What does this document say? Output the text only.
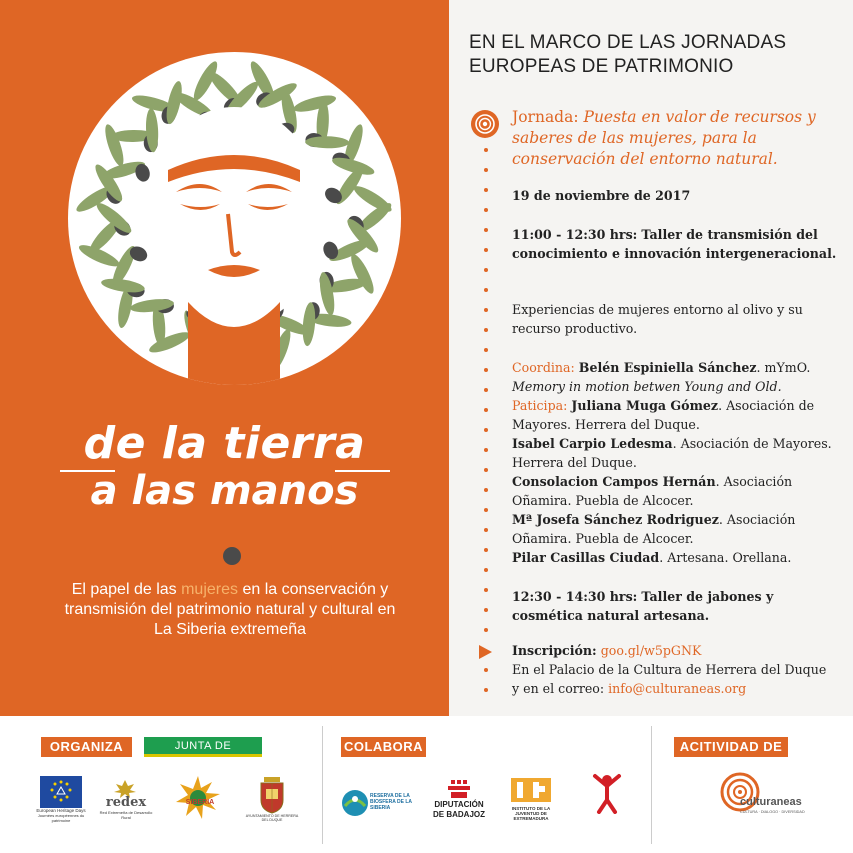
de la tierra
a las manos
El papel de las mujeres en la conservación y transmisión del patrimonio natural y cultural en La Siberia extremeña
EN EL MARCO DE LAS JORNADAS
EUROPEAS DE PATRIMONIO
Jornada: Puesta en valor de recursos y saberes de las mujeres, para la conservación del entorno natural.
19 de noviembre de 2017
11:00 - 12:30 hrs: Taller de transmisión del conocimiento e innovación intergeneracional.
Experiencias de mujeres entorno al olivo y su recurso productivo.
Coordina: Belén Espiniella Sánchez. mYmO.
Memory in motion betwen Young and Old.
Paticipa: Juliana Muga Gómez. Asociación de Mayores. Herrera del Duque.
Isabel Carpio Ledesma. Asociación de Mayores. Herrera del Duque.
Consolacion Campos Hernán. Asociación Oñamira. Puebla de Alcocer.
Mª Josefa Sánchez Rodriguez. Asociación Oñamira. Puebla de Alcocer.
Pilar Casillas Ciudad. Artesana. Orellana.
12:30 - 14:30 hrs: Taller de jabones y cosmética natural artesana.
Inscripción: goo.gl/w5pGNK
En el Palacio de la Cultura de Herrera del Duque
y en el correo: info@culturaneas.org
ORGANIZA	JUNTA DE EXTREMADURA
COLABORA	ACITIVIDAD DE
European Heritage Days
Journées européennes du patrimoine
redex
Red Extremeña de Desarrollo Rural
SIBERIA
AYUNTAMIENTO DE HERRERA DEL DUQUE
RESERVA DE LA BIOSFERA DE LA SIBERIA	DIPUTACIÓN
DE BADAJOZ
INSTITUTO DE LA JUVENTUD DE EXTREMADURA
culturaneas
CULTURA · DIALOGO · DIVERSIDAD
